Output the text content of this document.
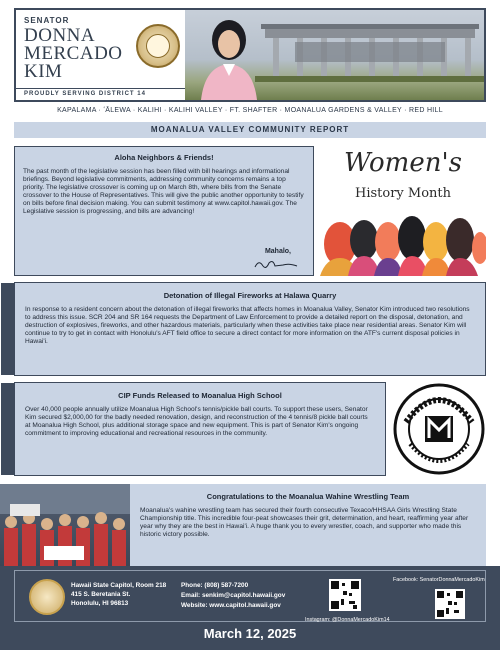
SENATOR
DONNA
MERCADO
KIM
PROUDLY SERVING DISTRICT 14
KAPALAMA · ʻĀLEWA · KALIHI · KALIHI VALLEY · FT. SHAFTER · MOANALUA GARDENS & VALLEY · RED HILL
MOANALUA VALLEY COMMUNITY REPORT
Aloha Neighbors & Friends!
The past month of the legislative session has been filled with bill hearings and informational briefings. Beyond legislative commitments, addressing community concerns remains a top priority. The legislative crossover is coming up on March 8th, where bills from the Senate crossover to the House of Representatives. This will give the public another opportunity to testify on bills before final decision making. You can submit testimony at www.capitol.hawaii.gov. The Legislative session is progressing, and bills are advancing!
Mahalo,
Women's
History Month
Detonation of Illegal Fireworks at Halawa Quarry
In response to a resident concern about the detonation of illegal fireworks that affects homes in Moanalua Valley, Senator Kim introduced two resolutions to address this issue. SCR 204 and SR 164 requests the Department of Law Enforcement to provide a detailed report on the disposal, detonation, and destruction of explosives, fireworks, and other hazardous materials, particularly when these activities take place near residential areas. Senator Kim will continue to try to get in contact with Honolulu's AFT field office to secure a direct contact for more information on the ATF's current disposal policies in Hawai'i.
CIP Funds Released to Moanalua High School
Over 40,000 people annually utilize Moanalua High School's tennis/pickle ball courts. To support these users, Senator Kim secured $2,000,00 for the badly needed renovation, design, and reconstruction of the 4 tennis/8 pickle ball courts at Moanalua High School, plus additional storage space and new equipment. This is part of Senator Kim's ongoing commitment to improving educational and recreational resources in the community.
Congratulations to the Moanalua Wahine Wrestling Team
Moanalua's wahine wrestling team has secured their fourth consecutive Texaco/HHSAA Girls Wrestling State Championship title. This incredible four-peat showcases their grit, determination, and heart, reaffirming year after year why they are the best in Hawai'i. A huge thank you to every wrestler, coach, and supporter who made this historic victory possible.
Hawaii State Capitol, Room 218
415 S. Beretania St.
Honolulu, HI 96813
Phone: (808) 587-7200
Email: senkim@capitol.hawaii.gov
Website: www.capitol.hawaii.gov
Facebook: SenatorDonnaMercadoKim
Instagram: @DonnaMercadoKim14
March 12, 2025
